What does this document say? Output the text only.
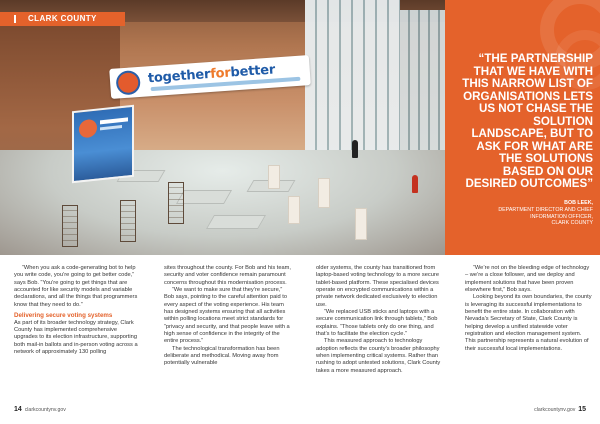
togetherforbetter
CLARK COUNTY
“THE PARTNERSHIP THAT WE HAVE WITH THIS NARROW LIST OF ORGANISATIONS LETS US NOT CHASE THE SOLUTION LANDSCAPE, BUT TO ASK FOR WHAT ARE THE SOLUTIONS BASED ON OUR DESIRED OUTCOMES”
BOB LEEK,
DEPARTMENT DIRECTOR AND CHIEF
INFORMATION OFFICER,
CLARK COUNTY

“When you ask a code-generating bot to help you write code, you’re going to get better code,” says Bob. “You’re going to get things that are accounted for like security models and variable declarations, and all the things that programmers know that they need to do.”

Delivering secure voting systems

As part of its broader technology strategy, Clark County has implemented comprehensive upgrades to its election infrastructure, supporting both mail-in ballots and in-person voting across a network of approximately 130 polling

sites throughout the county. For Bob and his team, security and voter confidence remain paramount concerns throughout this modernisation process.

“We want to make sure that they’re secure,” Bob says, pointing to the careful attention paid to every aspect of the voting experience. His team has designed systems ensuring that all activities within polling locations meet strict standards for “privacy and security, and that people leave with a high sense of confidence in the integrity of the entire process.”

The technological transformation has been deliberate and methodical. Moving away from potentially vulnerable

older systems, the county has transitioned from laptop-based voting technology to a more secure tablet-based platform. These specialised devices operate on encrypted communications within a private network dedicated exclusively to election use.

“We replaced USB sticks and laptops with a secure communication link through tablets,” Bob explains. “Those tablets only do one thing, and that’s to facilitate the election cycle.”

This measured approach to technology adoption reflects the county’s broader philosophy when implementing critical systems. Rather than rushing to adopt untested solutions, Clark County takes a more measured approach.

“We’re not on the bleeding edge of technology – we’re a close follower, and we deploy and implement solutions that have been proven elsewhere first,” Bob says.

Looking beyond its own boundaries, the county is leveraging its successful implementations to benefit the entire state. In collaboration with Nevada’s Secretary of State, Clark County is helping develop a unified statewide voter registration and election management system. This partnership represents a natural evolution of their successful local implementations.

14 clarkcountynv.gov	clarkcountynv.gov 15
